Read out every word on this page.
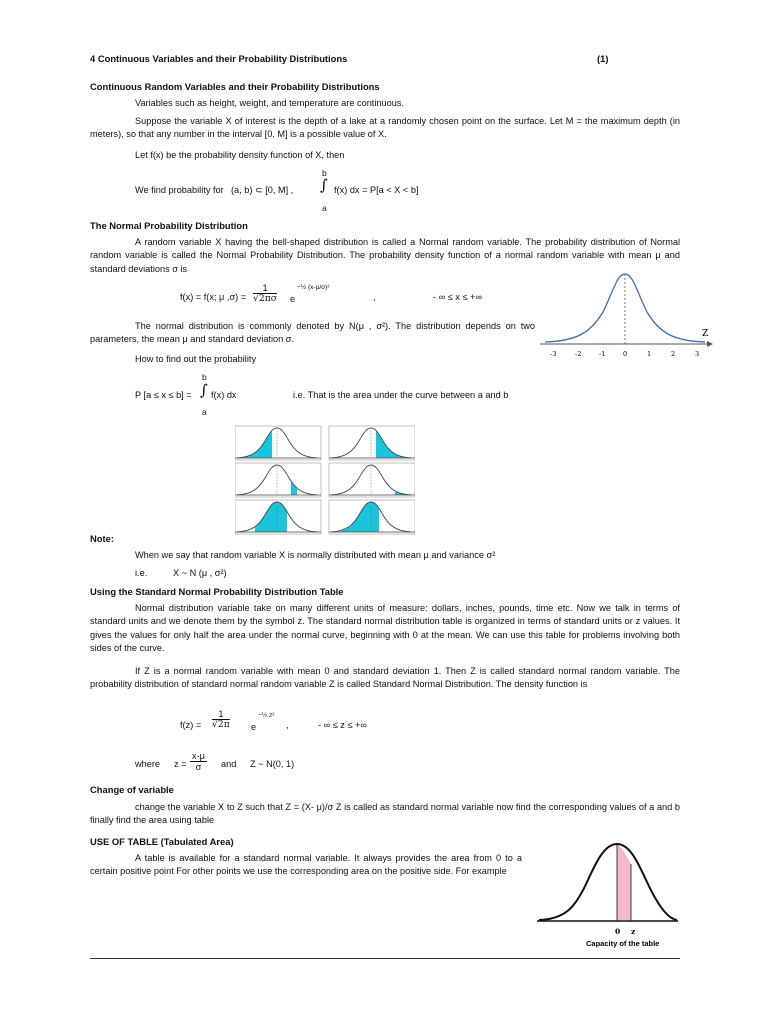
4 Continuous Variables and their Probability Distributions	(1)
Continuous Random Variables and their Probability Distributions
Variables such as height, weight, and temperature are continuous.
Suppose the variable X of interest is the depth of a lake at a randomly chosen point on the surface. Let M = the maximum depth (in meters), so that any number in the interval [0, M] is a possible value of X.
Let f(x) be the probability density function of X, then
We find probability for (a, b) ⊂ [0, M] ,
b
∫
a
f(x) dx = P[a < X < b]
The Normal Probability Distribution
A random variable X having the bell-shaped distribution is called a Normal random variable. The probability distribution of Normal random variable is called the Normal Probability Distribution. The probability density function of a normal random variable with mean μ and standard deviations σ is
f(x) = f(x; μ $,\sigma) = \frac{1}{√2\pi\sigma}$ e
−½ (x-μ/σ)²
,	- ∞ ≤ x ≤ +∞
Z
-3	-2	-1	0	1	2	3
The normal distribution is commonly denoted by N(μ , σ²). The distribution depends on two parameters, the mean μ and standard deviation σ.
How to find out the probability
b
P [a ≤ x ≤ b] = ∫
a
f(x) dx	i.e. That is the area under the curve between a and b
Note:
When we say that random variable X is normally distributed with mean μ and variance σ²
i.e.	X ~ N (μ , σ²)
Using the Standard Normal Probability Distribution Table
Normal distribution variable take on many different units of measure: dollars, inches, pounds, time etc. Now we talk in terms of standard units and we denote them by the symbol z. The standard normal distribution table is organized in terms of standard units or z values. It gives the values for only half the area under the normal curve, beginning with 0 at the mean. We can use this table for problems involving both sides of the curve.
If Z is a normal random variable with mean 0 and standard deviation 1. Then Z is called standard normal random variable. The probability distribution of standard normal random variable Z is called Standard Normal Distribution. The density function is
$f(z) = \frac{1}{√2\pi}$ e
−½ z²
,	- ∞ ≤ z ≤ +∞
where $z = \frac{x-\mu}{\sigma}$ and Z ~ N(0, 1)
Change of variable
change the variable X to Z such that Z = (X- μ)/σ Z is called as standard normal variable now find the corresponding values of a and b finally find the area using table
USE OF TABLE (Tabulated Area)
A table is available for a standard normal variable. It always provides the area from 0 to a certain positive point For other points we use the corresponding area on the positive side. For example
0 z
Capacity of the table
